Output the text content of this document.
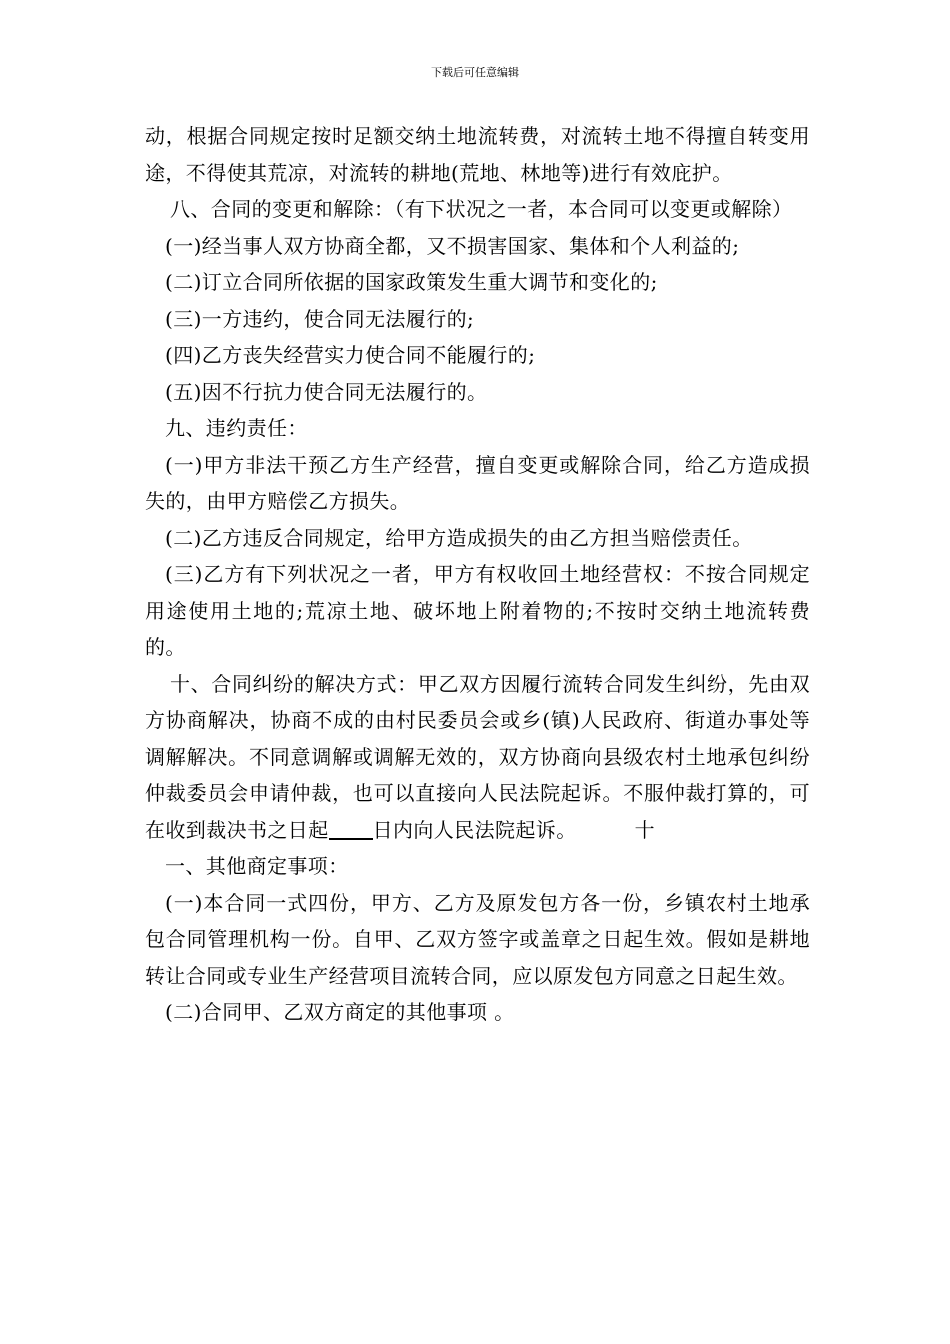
下载后可任意编辑

动，根据合同规定按时足额交纳土地流转费，对流转土地不得擅自转变用途，不得使其荒凉，对流转的耕地(荒地、林地等)进行有效庇护。

八、合同的变更和解除：（有下状况之一者，本合同可以变更或解除）

(一)经当事人双方协商全都，又不损害国家、集体和个人利益的;

(二)订立合同所依据的国家政策发生重大调节和变化的;

(三)一方违约，使合同无法履行的;

(四)乙方丧失经营实力使合同不能履行的;

(五)因不行抗力使合同无法履行的。

九、违约责任：

(一)甲方非法干预乙方生产经营，擅自变更或解除合同，给乙方造成损失的，由甲方赔偿乙方损失。

(二)乙方违反合同规定，给甲方造成损失的由乙方担当赔偿责任。

(三)乙方有下列状况之一者，甲方有权收回土地经营权：不按合同规定用途使用土地的;荒凉土地、破坏地上附着物的;不按时交纳土地流转费的。

十、合同纠纷的解决方式：甲乙双方因履行流转合同发生纠纷，先由双方协商解决，协商不成的由村民委员会或乡(镇)人民政府、街道办事处等调解解决。不同意调解或调解无效的，双方协商向县级农村土地承包纠纷仲裁委员会申请仲裁，也可以直接向人民法院起诉。不服仲裁打算的，可在收到裁决书之日起 日内向人民法院起诉。	十

一、其他商定事项：

(一)本合同一式四份，甲方、乙方及原发包方各一份，乡镇农村土地承包合同管理机构一份。自甲、乙双方签字或盖章之日起生效。假如是耕地转让合同或专业生产经营项目流转合同，应以原发包方同意之日起生效。

(二)合同甲、乙双方商定的其他事项 。
